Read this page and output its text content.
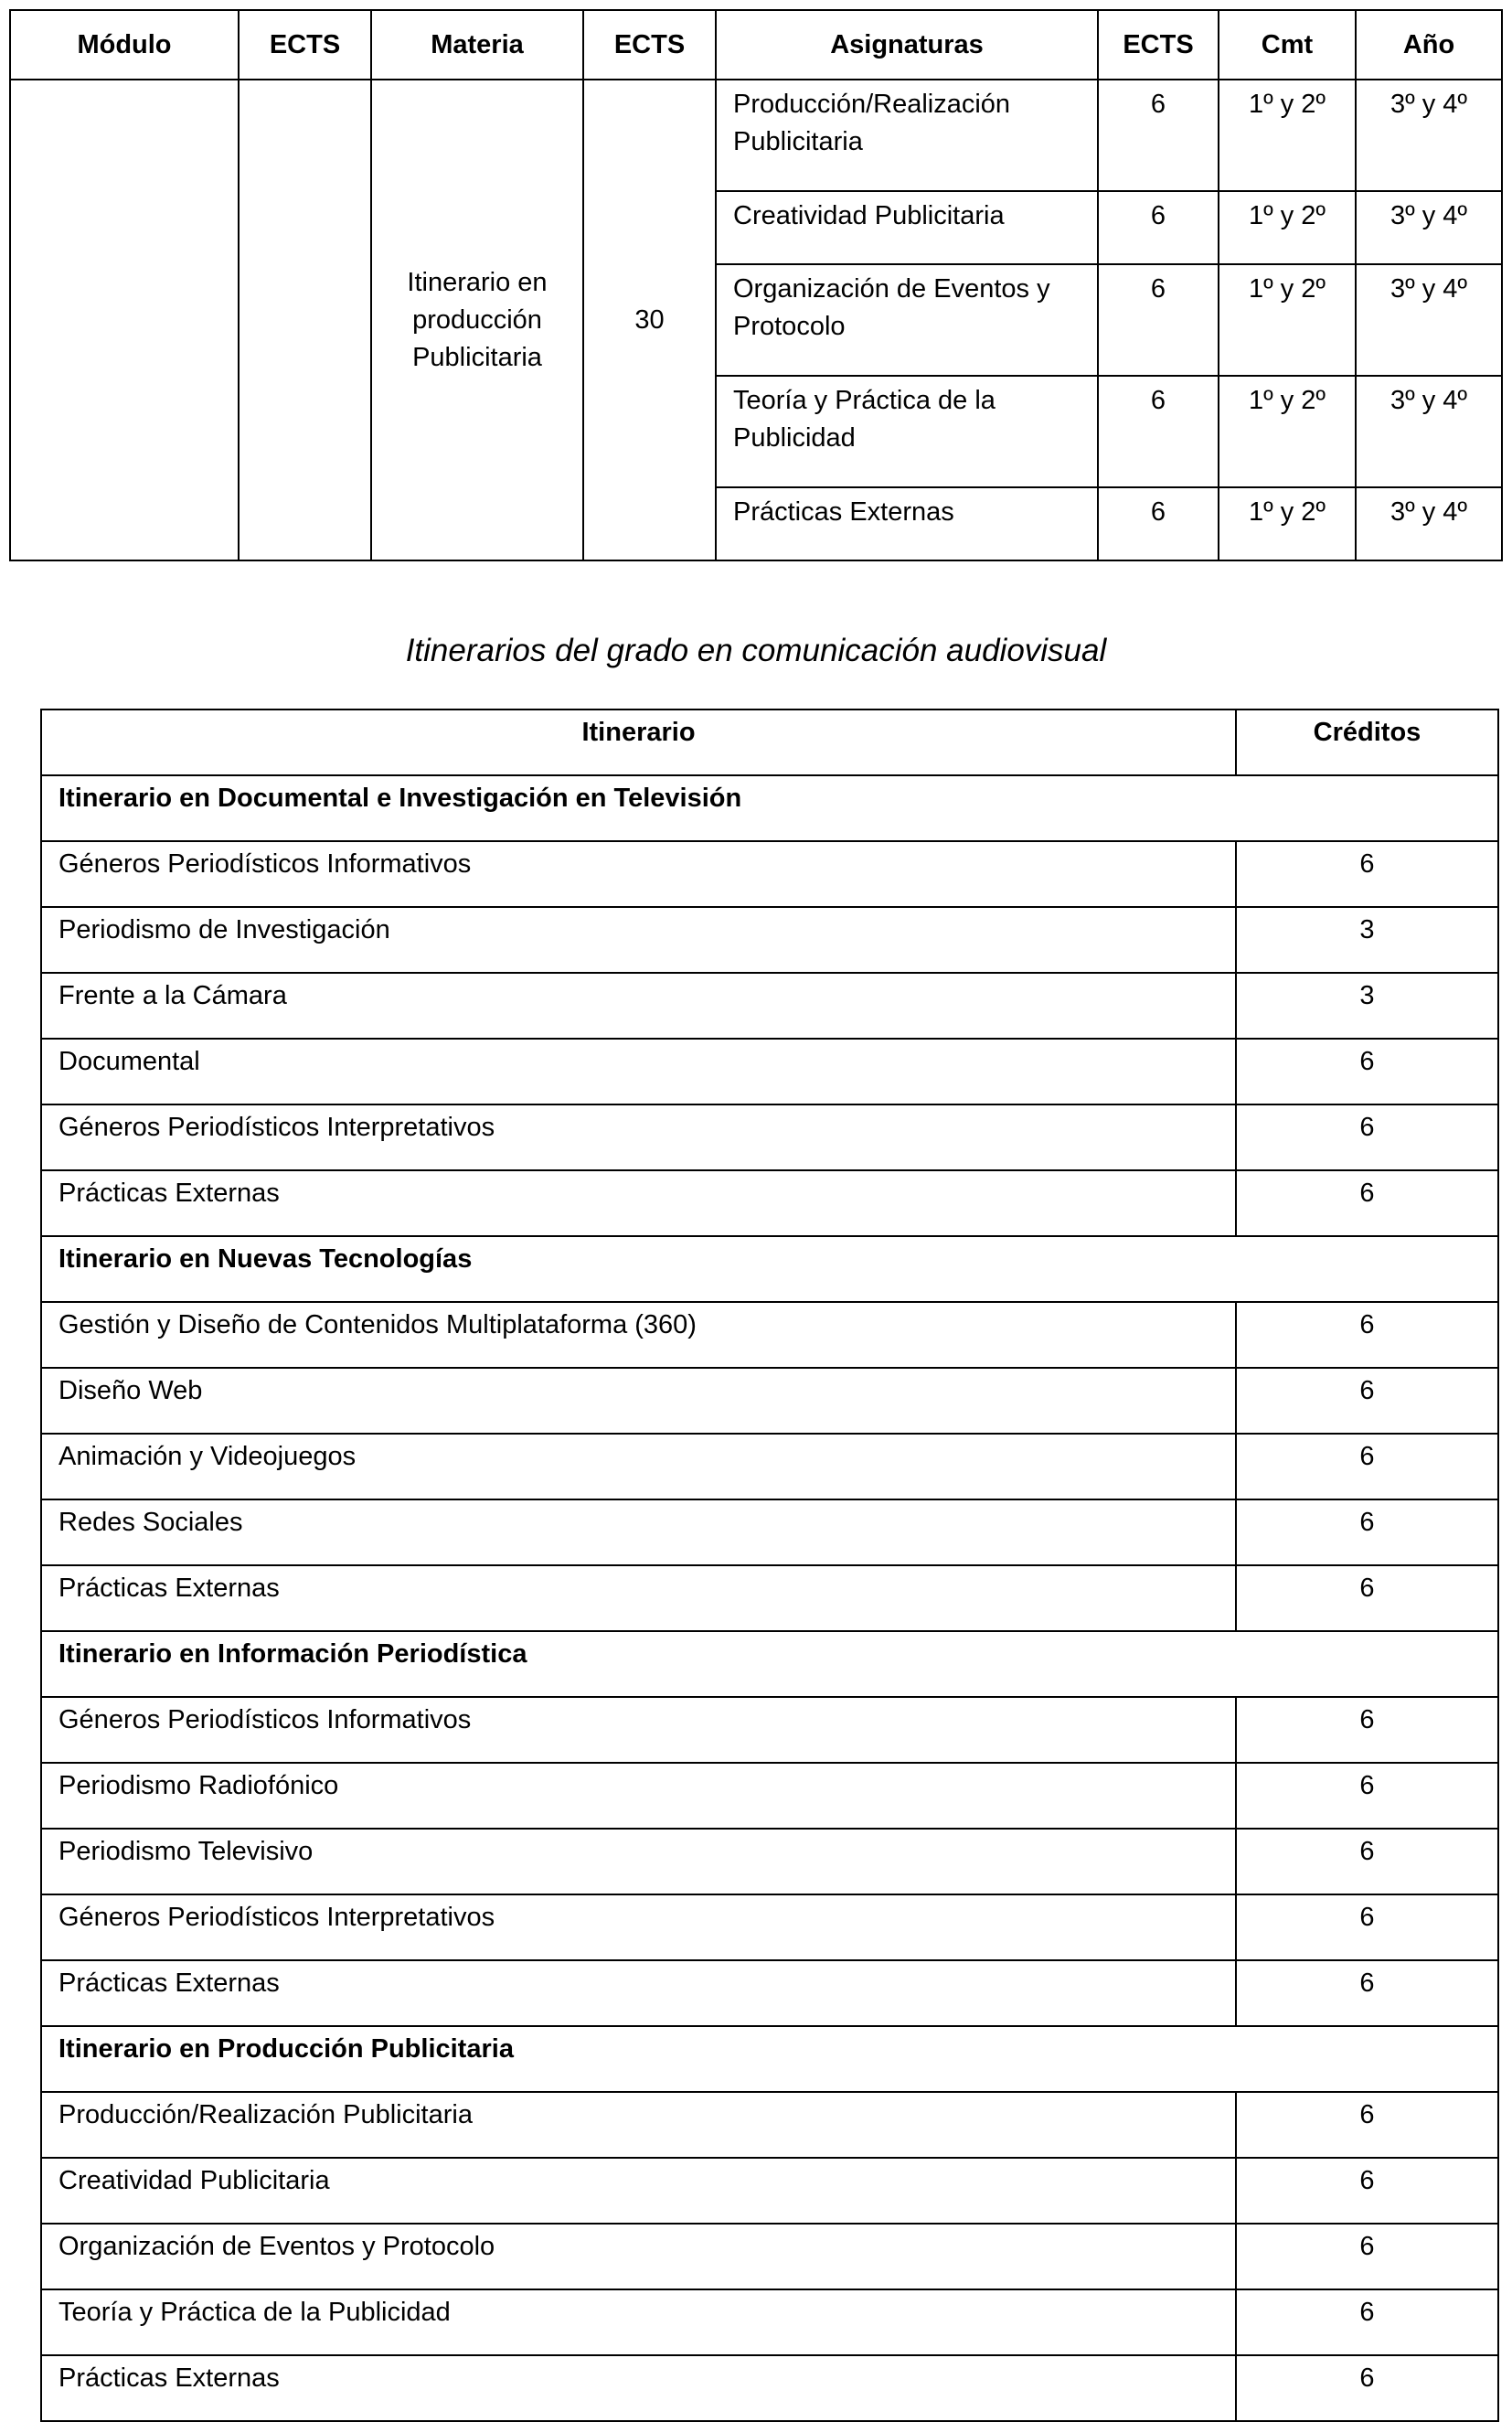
Módulo	ECTS	Materia	ECTS	Asignaturas	ECTS	Cmt	Año
		Itinerario en producción Publicitaria	30	Producción/Realización Publicitaria	6	1º y 2º	3º y 4º
				Creatividad Publicitaria	6	1º y 2º	3º y 4º
				Organización de Eventos y Protocolo	6	1º y 2º	3º y 4º
				Teoría y Práctica de la Publicidad	6	1º y 2º	3º y 4º
				Prácticas Externas	6	1º y 2º	3º y 4º
Itinerarios del grado en comunicación audiovisual
Itinerario	Créditos
Itinerario en Documental e Investigación en Televisión	
Géneros Periodísticos Informativos	6
Periodismo de Investigación	3
Frente a la Cámara	3
Documental	6
Géneros Periodísticos Interpretativos	6
Prácticas Externas	6
Itinerario en Nuevas Tecnologías	
Gestión y Diseño de Contenidos Multiplataforma (360)	6
Diseño Web	6
Animación y Videojuegos	6
Redes Sociales	6
Prácticas Externas	6
Itinerario en Información Periodística	
Géneros Periodísticos Informativos	6
Periodismo Radiofónico	6
Periodismo Televisivo	6
Géneros Periodísticos Interpretativos	6
Prácticas Externas	6
Itinerario en Producción Publicitaria	
Producción/Realización Publicitaria	6
Creatividad Publicitaria	6
Organización de Eventos y Protocolo	6
Teoría y Práctica de la Publicidad	6
Prácticas Externas	6
